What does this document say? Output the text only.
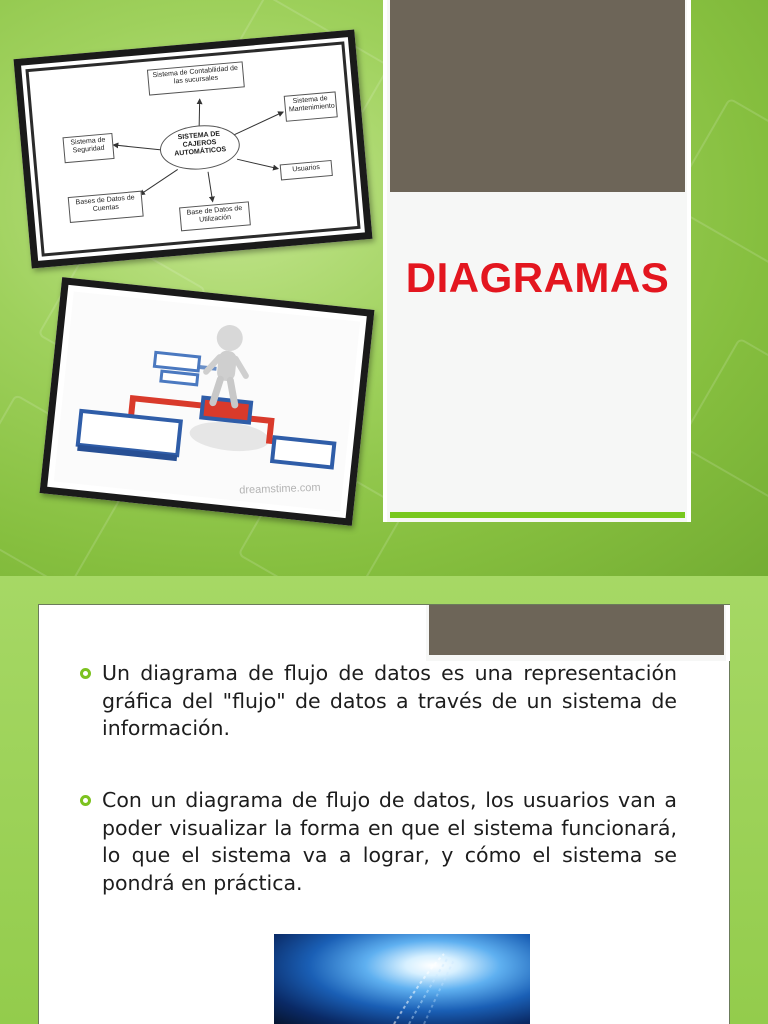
Sistema de Contabilidad de las sucursales
Sistema de Mantenimiento
Sistema de Seguridad
SISTEMA DE CAJEROS AUTOMÁTICOS
Usuarios
Bases de Datos de Cuentas	Base de Datos de Utilización
dreamstime.com
DIAGRAMAS
Un diagrama de flujo de datos es una representación gráfica del "flujo" de datos a través de un sistema de información.
Con un diagrama de flujo de datos, los usuarios van a poder visualizar la forma en que el sistema funcionará, lo que el sistema va a lograr, y cómo el sistema se pondrá en práctica.
